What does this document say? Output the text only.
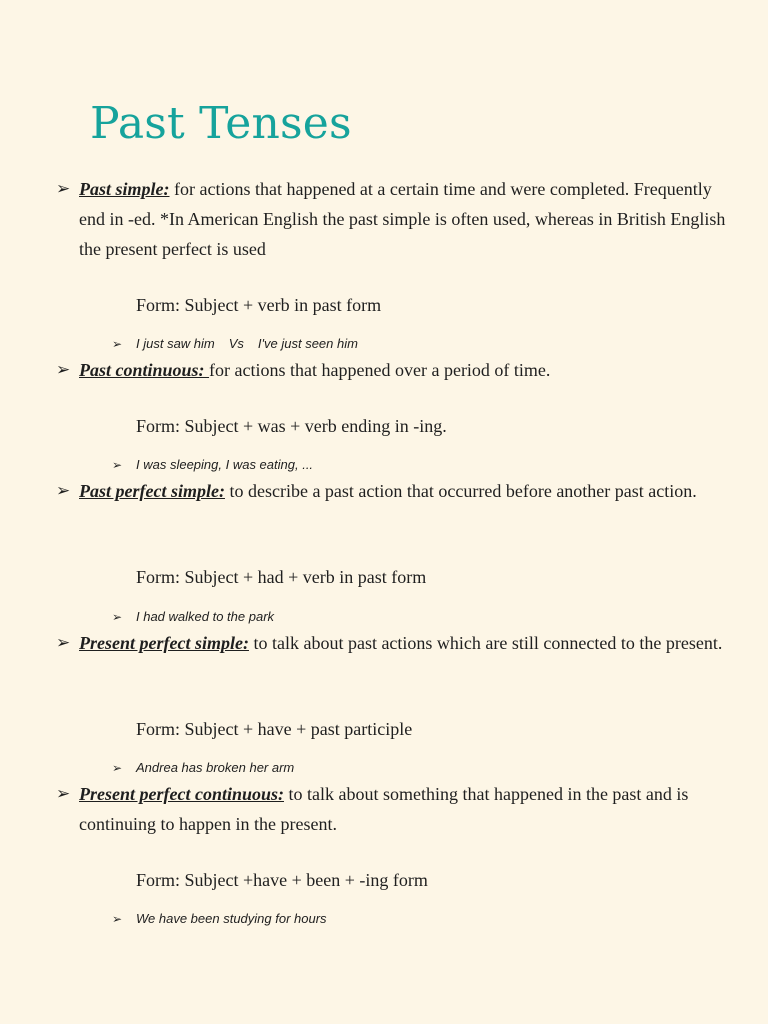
Past Tenses
➢ Past simple: for actions that happened at a certain time and were completed. Frequently end in -ed. *In American English the past simple is often used, whereas in British English the present perfect is used
Form: Subject + verb in past form
➢ I just saw him Vs I've just seen him
➢ Past continuous: for actions that happened over a period of time.
Form: Subject + was + verb ending in -ing.
➢ I was sleeping, I was eating, ...
➢ Past perfect simple: to describe a past action that occurred before another past action.
Form: Subject + had + verb in past form
➢ I had walked to the park
➢ Present perfect simple: to talk about past actions which are still connected to the present.
Form: Subject + have + past participle
➢ Andrea has broken her arm
➢ Present perfect continuous: to talk about something that happened in the past and is continuing to happen in the present.
Form: Subject +have + been + -ing form
➢ We have been studying for hours
